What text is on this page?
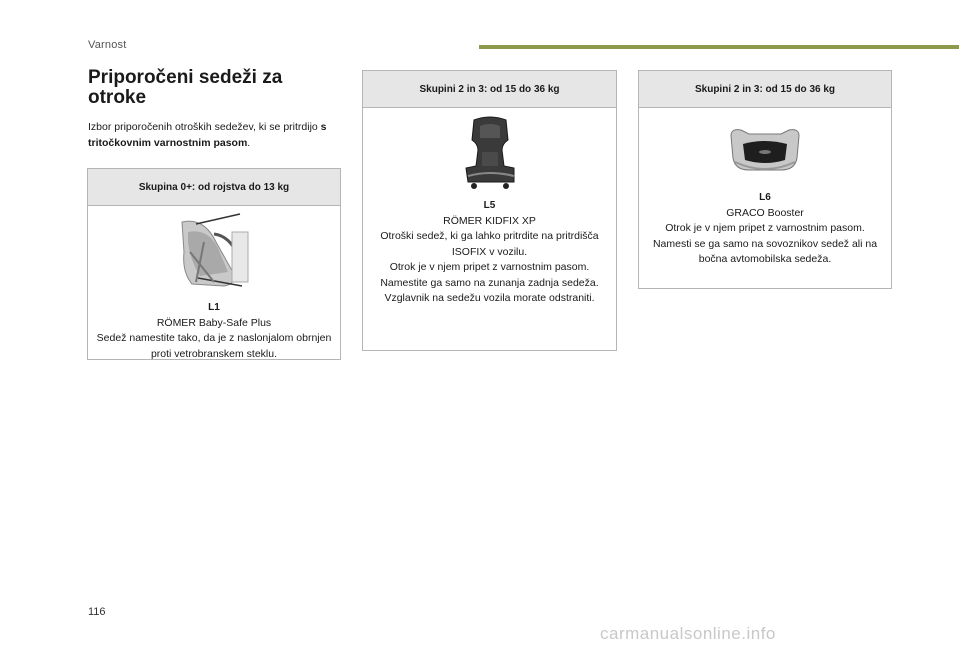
Varnost
Priporočeni sedeži za otroke
Izbor priporočenih otroških sedežev, ki se pritrdijo s tritočkovnim varnostnim pasom.
Skupina 0+: od rojstva do 13 kg
L1
RÖMER Baby-Safe Plus
Sedež namestite tako, da je z naslonjalom obrnjen proti vetrobranskem steklu.
Skupini 2 in 3: od 15 do 36 kg
L5
RÖMER KIDFIX XP
Otroški sedež, ki ga lahko pritrdite na pritrdišča ISOFIX v vozilu.
Otrok je v njem pripet z varnostnim pasom.
Namestite ga samo na zunanja zadnja sedeža.
Vzglavnik na sedežu vozila morate odstraniti.
Skupini 2 in 3: od 15 do 36 kg
L6
GRACO Booster
Otrok je v njem pripet z varnostnim pasom.
Namesti se ga samo na sovoznikov sedež ali na bočna avtomobilska sedeža.
116
carmanualsonline.info
